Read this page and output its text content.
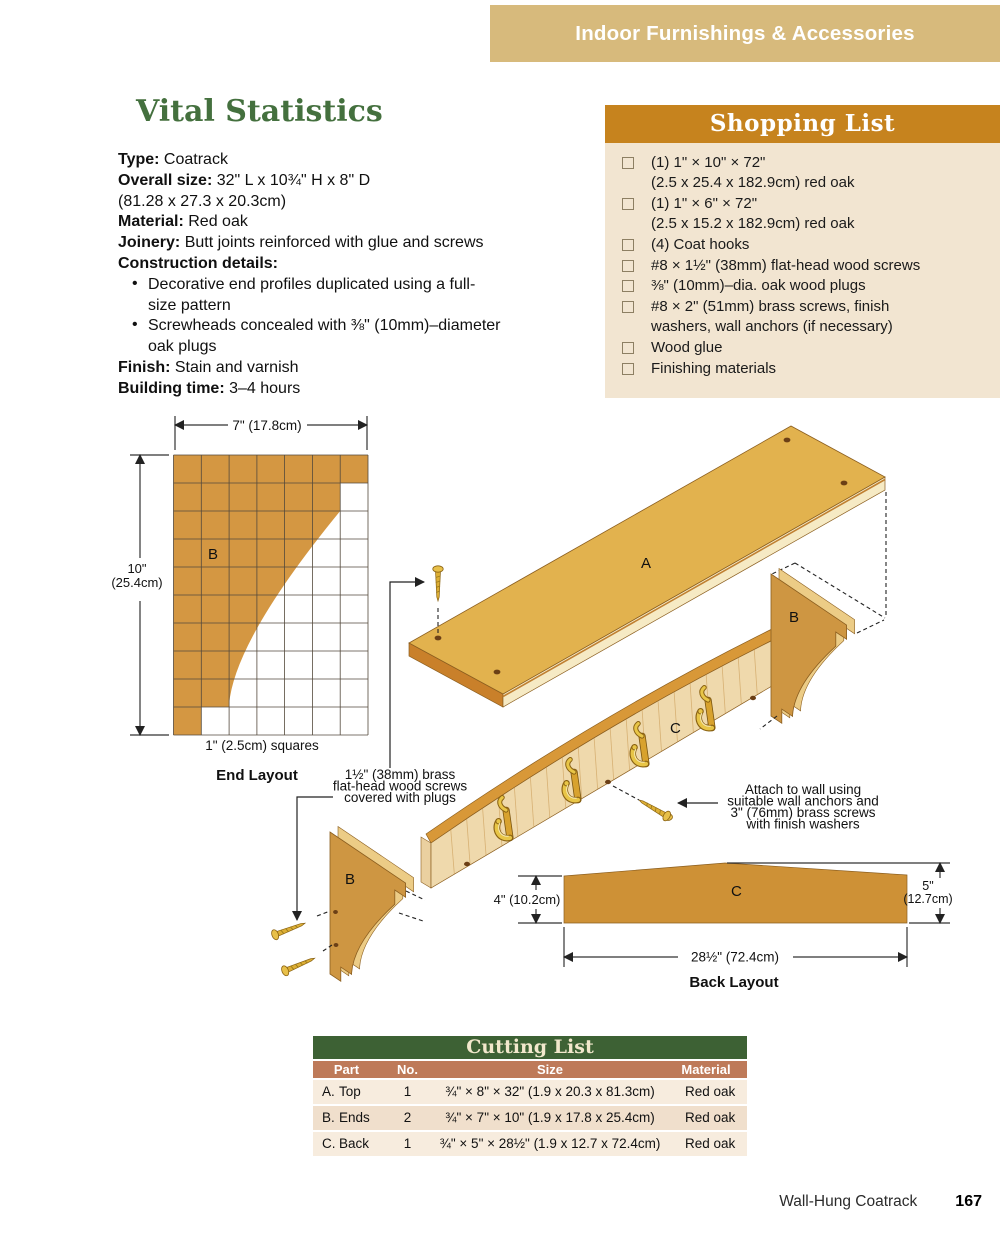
Indoor Furnishings & Accessories
Vital Statistics
Type: Coatrack
Overall size: 32" L x 10¾" H x 8" D
(81.28 x 27.3 x 20.3cm)
Material: Red oak
Joinery: Butt joints reinforced with glue and screws
Construction details:
• Decorative end profiles duplicated using a full-
size pattern
• Screwheads concealed with ⅜" (10mm)–diameter
oak plugs
Finish: Stain and varnish
Building time: 3–4 hours
Shopping List
(1) 1" × 10" × 72"
(2.5 x 25.4 x 182.9cm) red oak
(1) 1" × 6" × 72"
(2.5 x 15.2 x 182.9cm) red oak
(4) Coat hooks
#8 × 1½" (38mm) flat-head wood screws
⅜" (10mm)–dia. oak wood plugs
#8 × 2" (51mm) brass screws, finish
washers, wall anchors (if necessary)
Wood glue
Finishing materials
B
7" (17.8cm)
10"
(25.4cm)
1" (2.5cm) squares
End Layout
C
A
B
B
1½" (38mm) brass
flat-head wood screws
covered with plugs
Attach to wall using
suitable wall anchors and
3" (76mm) brass screws
with finish washers
C
4" (10.2cm)
5"
(12.7cm)
28½" (72.4cm)
Back Layout
Cutting List
Part	No.	Size	Material
A. Top	1	¾" × 8" × 32" (1.9 x 20.3 x 81.3cm)	Red oak
B. Ends	2	¾" × 7" × 10" (1.9 x 17.8 x 25.4cm)	Red oak
C. Back	1	¾" × 5" × 28½" (1.9 x 12.7 x 72.4cm)	Red oak
Wall-Hung Coatrack 167
